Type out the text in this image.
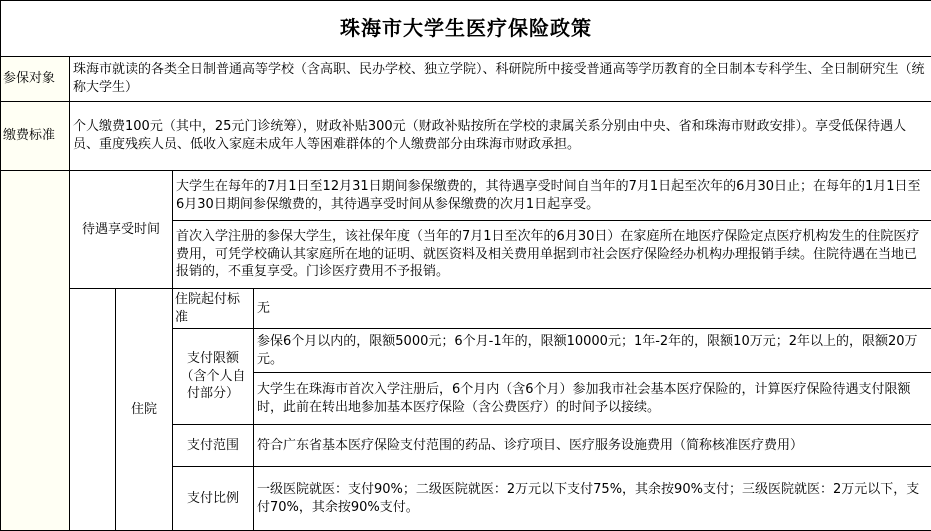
珠海市大学生医疗保险政策				
参保对象	珠海市就读的各类全日制普通高等学校（含高职、民办学校、独立学院）、科研院所中接受普通高等学历教育的全日制本专科学生、全日制研究生（统称大学生）			
缴费标准	个人缴费100元（其中，25元门诊统筹），财政补贴300元（财政补贴按所在学校的隶属关系分别由中央、省和珠海市财政安排）。享受低保待遇人员、重度残疾人员、低收入家庭未成年人等困难群体的个人缴费部分由珠海市财政承担。			
	待遇享受时间		大学生在每年的7月1日至12月31日期间参保缴费的，其待遇享受时间自当年的7月1日起至次年的6月30日止；在每年的1月1日至6月30日期间参保缴费的，其待遇享受时间从参保缴费的次月1日起享受。	
			首次入学注册的参保大学生，该社保年度（当年的7月1日至次年的6月30日）在家庭所在地医疗保险定点医疗机构发生的住院医疗费用，可凭学校确认其家庭所在地的证明、就医资料及相关费用单据到市社会医疗保险经办机构办理报销手续。住院待遇在当地已报销的，不重复享受。门诊医疗费用不予报销。	
		住院	住院起付标准	无
			支付限额（含个人自付部分）	参保6个月以内的，限额5000元；6个月-1年的，限额10000元；1年-2年的，限额10万元；2年以上的，限额20万元。
				大学生在珠海市首次入学注册后，6个月内（含6个月）参加我市社会基本医疗保险的，计算医疗保险待遇支付限额时，此前在转出地参加基本医疗保险（含公费医疗）的时间予以接续。
			支付范围	符合广东省基本医疗保险支付范围的药品、诊疗项目、医疗服务设施费用（简称核准医疗费用）
			支付比例	一级医院就医：支付90%；二级医院就医：2万元以下支付75%，其余按90%支付；三级医院就医：2万元以下，支付70%，其余按90%支付。
